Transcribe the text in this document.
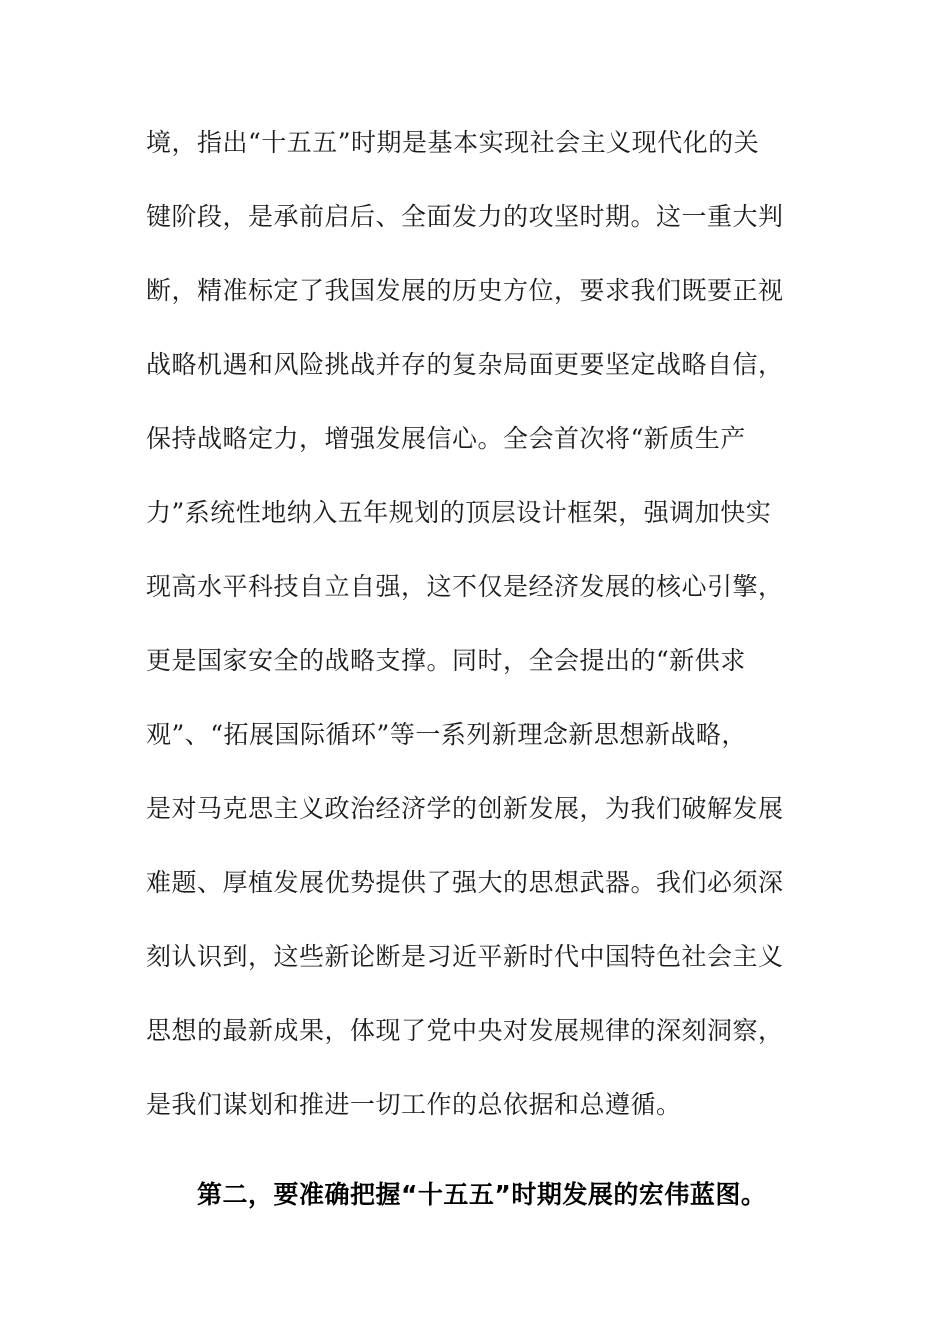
境，指出“十五五”时期是基本实现社会主义现代化的关
键阶段，是承前启后、全面发力的攻坚时期。这一重大判
断，精准标定了我国发展的历史方位，要求我们既要正视
战略机遇和风险挑战并存的复杂局面更要坚定战略自信，
保持战略定力，增强发展信心。全会首次将“新质生产
力”系统性地纳入五年规划的顶层设计框架，强调加快实
现高水平科技自立自强，这不仅是经济发展的核心引擎，
更是国家安全的战略支撑。同时，全会提出的“新供求
观”、“拓展国际循环”等一系列新理念新思想新战略，
是对马克思主义政治经济学的创新发展，为我们破解发展
难题、厚植发展优势提供了强大的思想武器。我们必须深
刻认识到，这些新论断是习近平新时代中国特色社会主义
思想的最新成果，体现了党中央对发展规律的深刻洞察，
是我们谋划和推进一切工作的总依据和总遵循。
第二，要准确把握“十五五”时期发展的宏伟蓝图。
